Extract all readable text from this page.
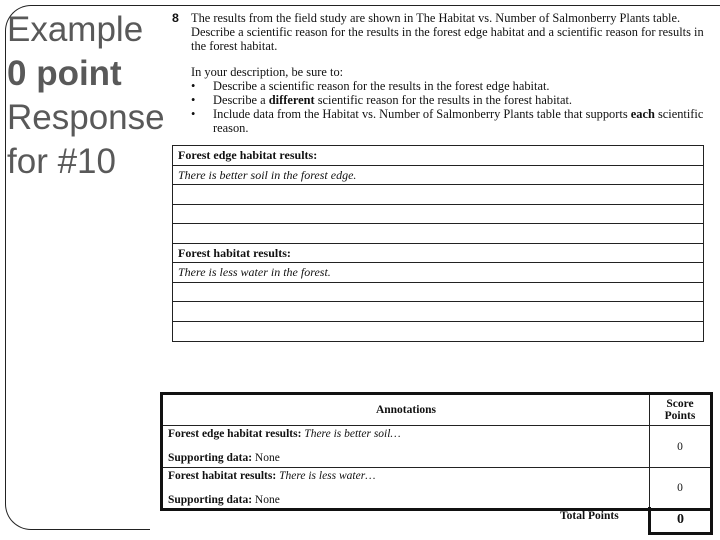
Example
0 point
Response
for #10
8 The results from the field study are shown in The Habitat vs. Number of Salmonberry Plants table. Describe a scientific reason for the results in the forest edge habitat and a scientific reason for results in the forest habitat.

In your description, be sure to:

• Describe a scientific reason for the results in the forest edge habitat.
• Describe a different scientific reason for the results in the forest habitat.
• Include data from the Habitat vs. Number of Salmonberry Plants table that supports each scientific reason.
Forest edge habitat results:
There is better soil in the forest edge.
Forest habitat results:
There is less water in the forest.
Annotations	Score Points
Forest edge habitat results: There is better soil…

Supporting data: None	0
Forest habitat results: There is less water…

Supporting data: None	0
Total Points	0
